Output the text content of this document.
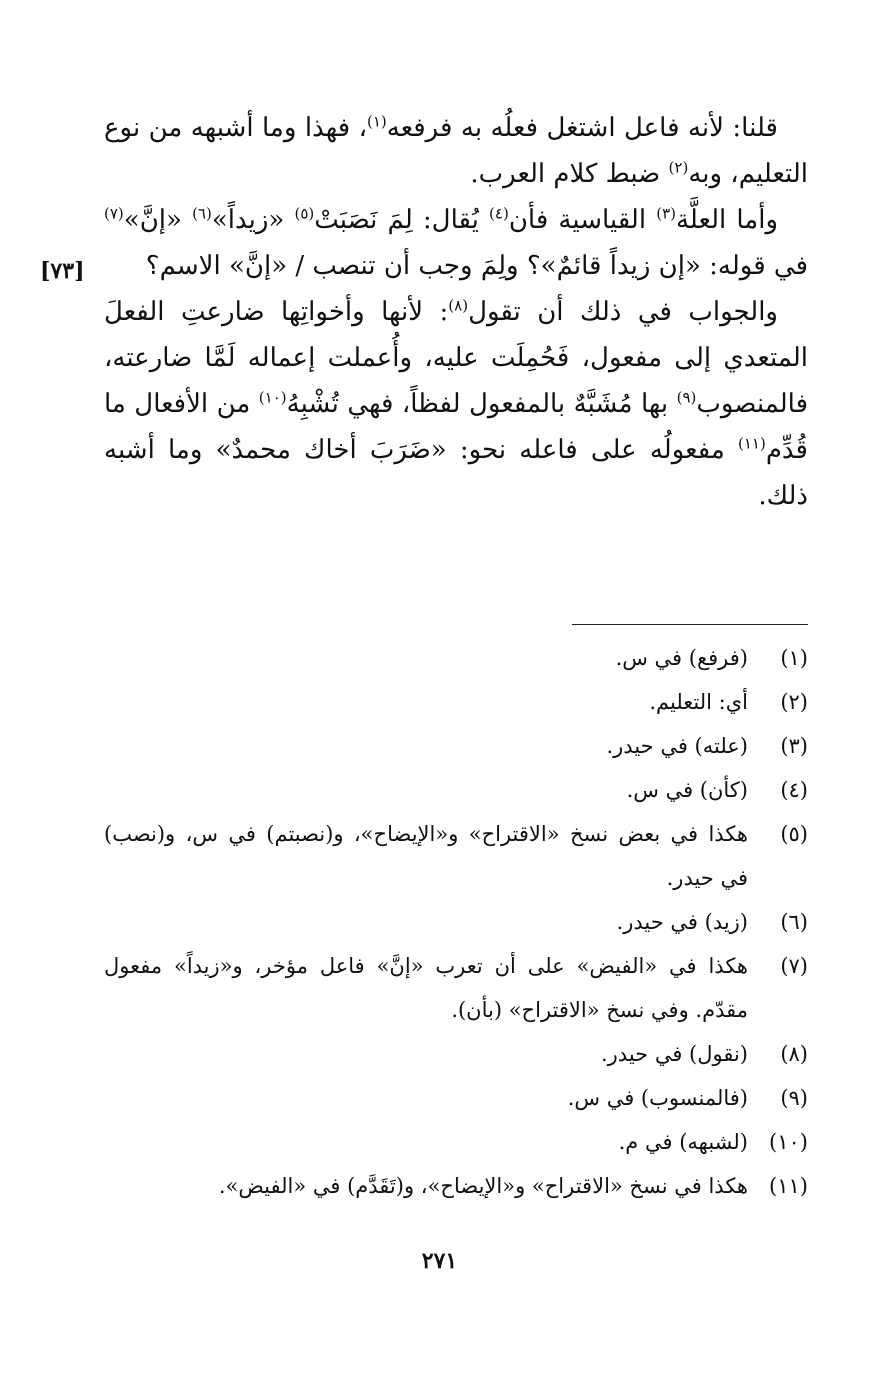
قلنا: لأنه فاعل اشتغل فعلُه به فرفعه$^{(١)}$، فهذا وما أشبهه من نوع التعليم، وبه$^{(٢)}$ ضبط كلام العرب.

وأما العلَّة$^{(٣)}$ القياسية فأن$^{(٤)}$ يُقال: لِمَ نَصَبَتْ$^{(٥)}$ «زيداً»$^{(٦)}$ «إنَّ»$^{(٧)}$ في قوله: «إن زيداً قائمٌ»؟ ولِمَ وجب أن تنصب / «إنَّ» الاسم؟

والجواب في ذلك أن تقول$^{(٨)}$: لأنها وأخواتِها ضارعتِ الفعلَ المتعدي إلى مفعول، فَحُمِلَت عليه، وأُعملت إعماله لَمَّا ضارعته، فالمنصوب$^{(٩)}$ بها مُشَبَّهٌ بالمفعول لفظاً، فهي تُشْبِهُ$^{(١٠)}$ من الأفعال ما قُدِّم$^{(١١)}$ مفعولُه على فاعله نحو: «ضَرَبَ أخاك محمدٌ» وما أشبه ذلك.

[٧٣]
(١)
(فرفع) في س.
(٢)
أي: التعليم.
(٣)
(علته) في حيدر.
(٤)
(كأن) في س.
(٥)
هكذا في بعض نسخ «الاقتراح» و«الإيضاح»، و(نصبتم) في س، و(نصب) في حيدر.
(٦)
(زيد) في حيدر.
(٧)
هكذا في «الفيض» على أن تعرب «إنَّ» فاعل مؤخر، و«زيداً» مفعول مقدّم. وفي نسخ «الاقتراح» (بأن).
(٨)
(نقول) في حيدر.
(٩)
(فالمنسوب) في س.
(١٠)
(لشبهه) في م.
(١١)
هكذا في نسخ «الاقتراح» و«الإيضاح»، و(تَقَدَّم) في «الفيض».
٢٧١
